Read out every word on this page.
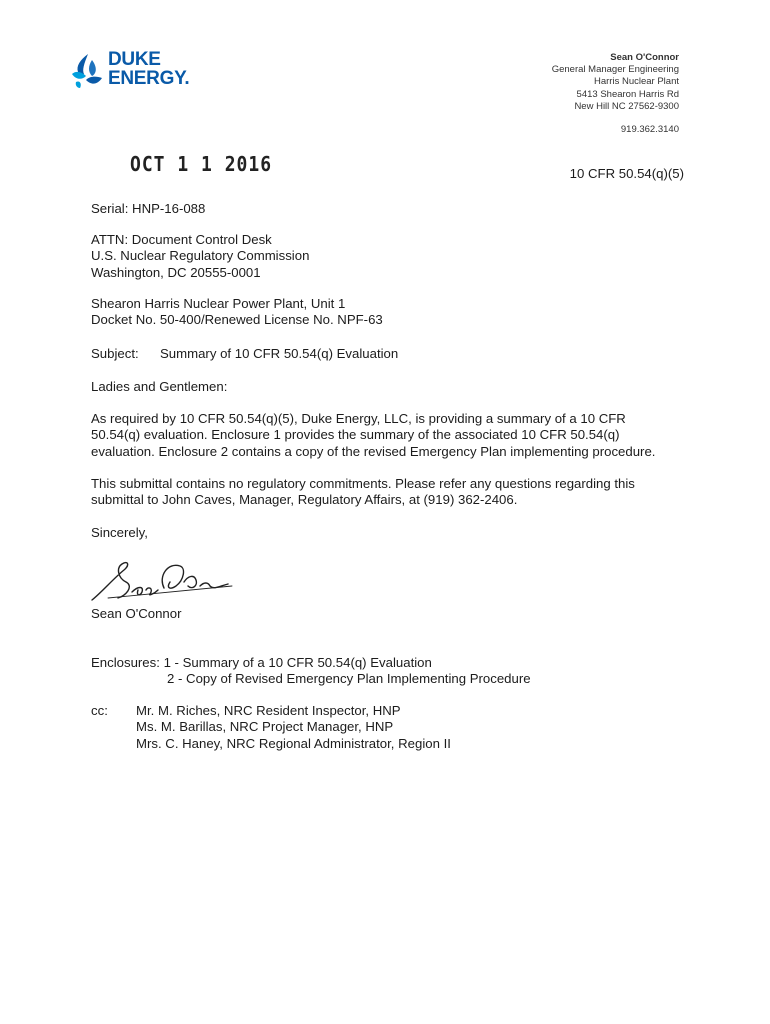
DUKE
ENERGY.
Sean O'Connor
General Manager Engineering
Harris Nuclear Plant
5413 Shearon Harris Rd
New Hill NC 27562-9300
919.362.3140
OCT 1 1 2016	10 CFR 50.54(q)(5)
Serial: HNP-16-088

ATTN: Document Control Desk

U.S. Nuclear Regulatory Commission

Washington, DC 20555-0001

Shearon Harris Nuclear Power Plant, Unit 1

Docket No. 50-400/Renewed License No. NPF-63

Subject: Summary of 10 CFR 50.54(q) Evaluation
Ladies and Gentlemen:

As required by 10 CFR 50.54(q)(5), Duke Energy, LLC, is providing a summary of a 10 CFR

50.54(q) evaluation. Enclosure 1 provides the summary of the associated 10 CFR 50.54(q)

evaluation. Enclosure 2 contains a copy of the revised Emergency Plan implementing procedure.

This submittal contains no regulatory commitments. Please refer any questions regarding this

submittal to John Caves, Manager, Regulatory Affairs, at (919) 362-2406.

Sincerely,
Sean O'Connor

Enclosures: 1 - Summary of a 10 CFR 50.54(q) Evaluation

2 - Copy of Revised Emergency Plan Implementing Procedure

cc:	Mr. M. Riches, NRC Resident Inspector, HNP

Ms. M. Barillas, NRC Project Manager, HNP

Mrs. C. Haney, NRC Regional Administrator, Region II
